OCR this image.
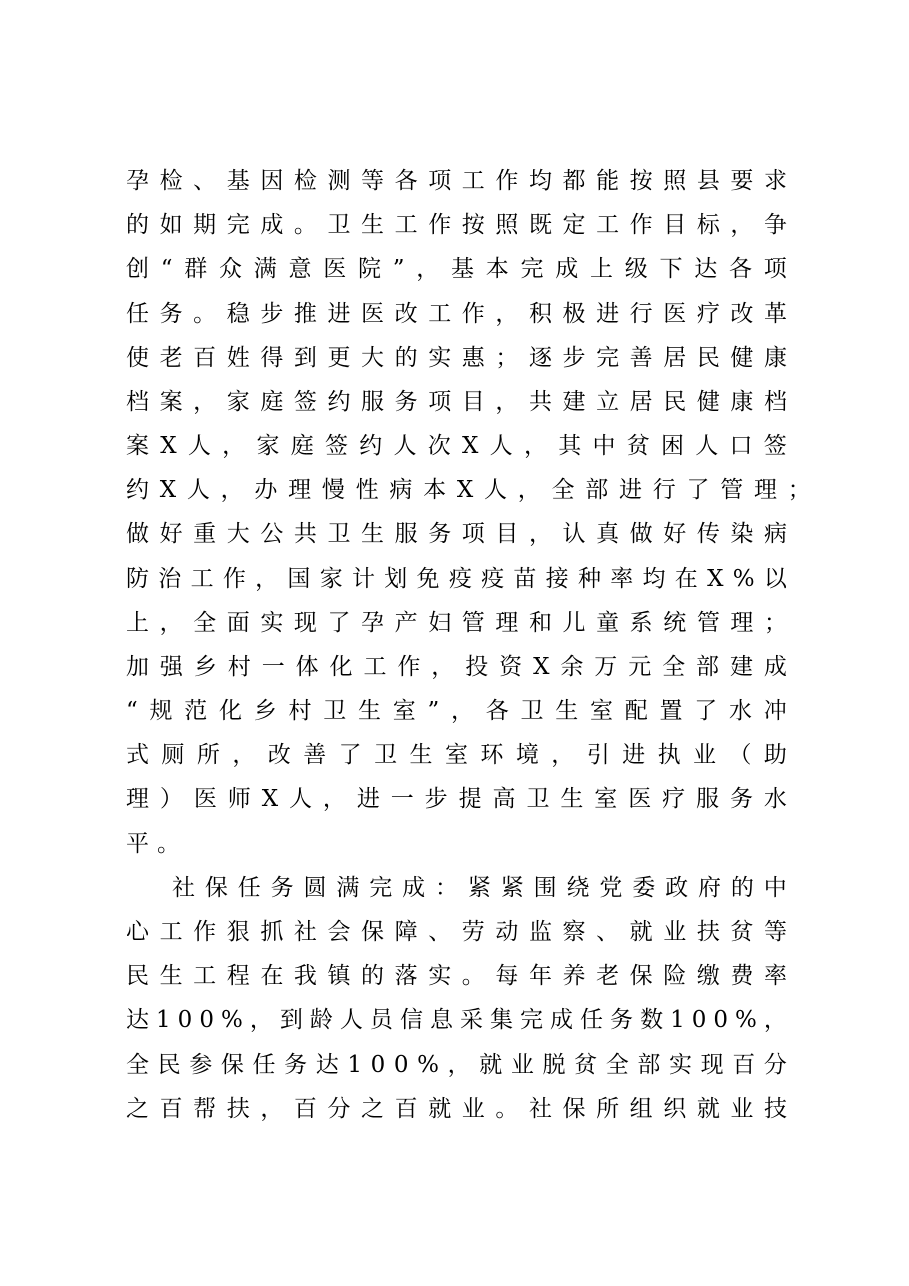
孕 检 、 基 因 检 测 等 各 项 工 作 均 都 能 按 照 县 要 求

的 如 期 完 成 。 卫 生 工 作 按 照 既 定 工 作 目 标 ， 争

创 “ 群 众 满 意 医 院 ” ， 基 本 完 成 上 级 下 达 各 项

任 务 。 稳 步 推 进 医 改 工 作 ， 积 极 进 行 医 疗 改 革

使 老 百 姓 得 到 更 大 的 实 惠 ； 逐 步 完 善 居 民 健 康

档 案 ， 家 庭 签 约 服 务 项 目 ， 共 建 立 居 民 健 康 档

案 X 人 ， 家 庭 签 约 人 次 X 人 ， 其 中 贫 困 人 口 签

约 X 人 ， 办 理 慢 性 病 本 X 人 ， 全 部 进 行 了 管 理 ；

做 好 重 大 公 共 卫 生 服 务 项 目 ， 认 真 做 好 传 染 病

防 治 工 作 ， 国 家 计 划 免 疫 疫 苗 接 种 率 均 在 X % 以

上 ， 全 面 实 现 了 孕 产 妇 管 理 和 儿 童 系 统 管 理 ；

加 强 乡 村 一 体 化 工 作 ， 投 资 X 余 万 元 全 部 建 成

“ 规 范 化 乡 村 卫 生 室 ” ， 各 卫 生 室 配 置 了 水 冲

式 厕 所 ， 改 善 了 卫 生 室 环 境 ， 引 进 执 业 （ 助

理 ） 医 师 X 人 ， 进 一 步 提 高 卫 生 室 医 疗 服 务 水

平。

社 保 任 务 圆 满 完 成 ： 紧 紧 围 绕 党 委 政 府 的 中

心 工 作 狠 抓 社 会 保 障 、 劳 动 监 察 、 就 业 扶 贫 等

民 生 工 程 在 我 镇 的 落 实 。 每 年 养 老 保 险 缴 费 率

达 1 0 0 % ， 到 龄 人 员 信 息 采 集 完 成 任 务 数 1 0 0 % ，

全 民 参 保 任 务 达 1 0 0 % ， 就 业 脱 贫 全 部 实 现 百 分

之 百 帮 扶 ， 百 分 之 百 就 业 。 社 保 所 组 织 就 业 技
